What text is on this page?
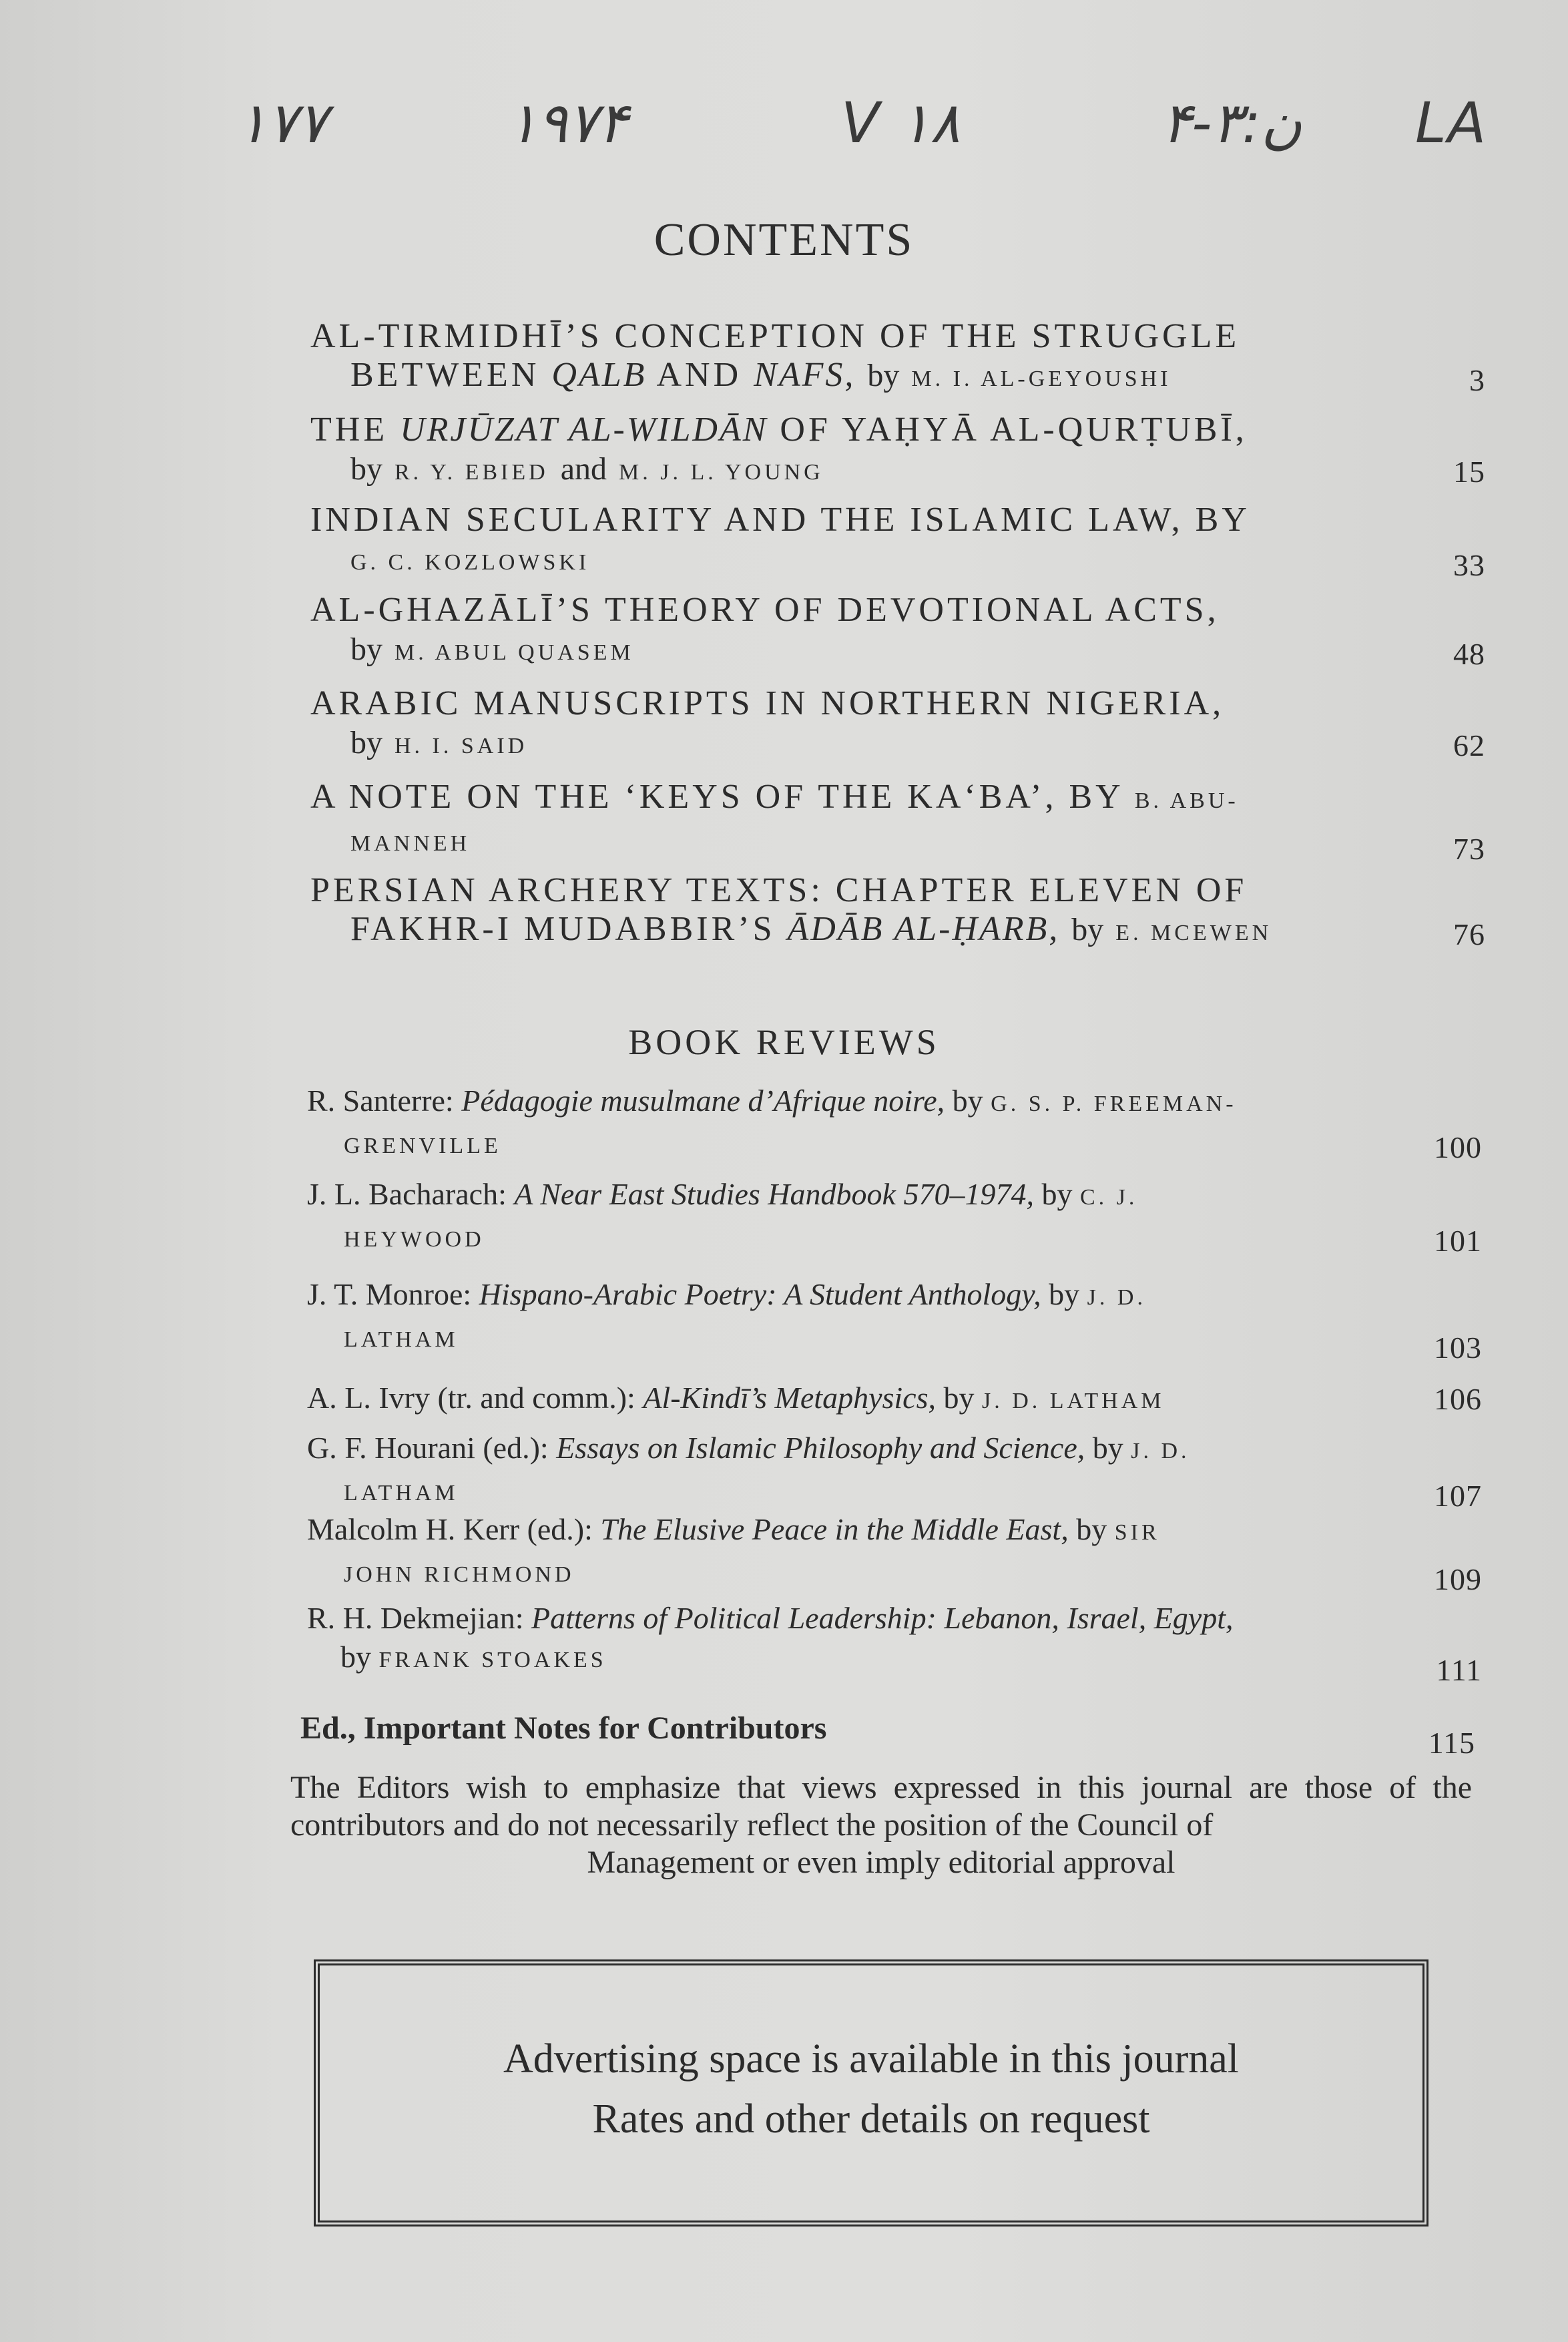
۱۷۷	۱۹۷۴	V ۱۸	ن:۳-۴ LA
CONTENTS
AL-TIRMIDHĪ’S CONCEPTION OF THE STRUGGLE
BETWEEN QALB AND NAFS, by M. I. AL-GEYOUSHI	3
THE URJŪZAT AL-WILDĀN OF YAḤYĀ AL-QURṬUBĪ,
by R. Y. EBIED and M. J. L. YOUNG	15
INDIAN SECULARITY AND THE ISLAMIC LAW, BY
G. C. KOZLOWSKI	33
AL-GHAZĀLĪ’S THEORY OF DEVOTIONAL ACTS,
by M. ABUL QUASEM	48
ARABIC MANUSCRIPTS IN NORTHERN NIGERIA,
by H. I. SAID	62
A NOTE ON THE ‘KEYS OF THE KA‘BA’, BY B. ABU-
MANNEH	73
PERSIAN ARCHERY TEXTS: CHAPTER ELEVEN OF
FAKHR-I MUDABBIR’S ĀDĀB AL-ḤARB, by E. MCEWEN	76
BOOK REVIEWS
R. Santerre: Pédagogie musulmane d’Afrique noire, by G. S. P. FREEMAN-
GRENVILLE	100
J. L. Bacharach: A Near East Studies Handbook 570–1974, by C. J.
HEYWOOD	101
J. T. Monroe: Hispano-Arabic Poetry: A Student Anthology, by J. D.
LATHAM	103
A. L. Ivry (tr. and comm.): Al-Kindī’s Metaphysics, by J. D. LATHAM	106
G. F. Hourani (ed.): Essays on Islamic Philosophy and Science, by J. D.
LATHAM	107
Malcolm H. Kerr (ed.): The Elusive Peace in the Middle East, by SIR
JOHN RICHMOND	109
R. H. Dekmejian: Patterns of Political Leadership: Lebanon, Israel, Egypt,
by FRANK STOAKES	111
Ed., Important Notes for Contributors	115
The Editors wish to emphasize that views expressed in this journal are those of the contributors and do not necessarily reflect the position of the Council of
Management or even imply editorial approval

Advertising space is available in this journal

Rates and other details on request
